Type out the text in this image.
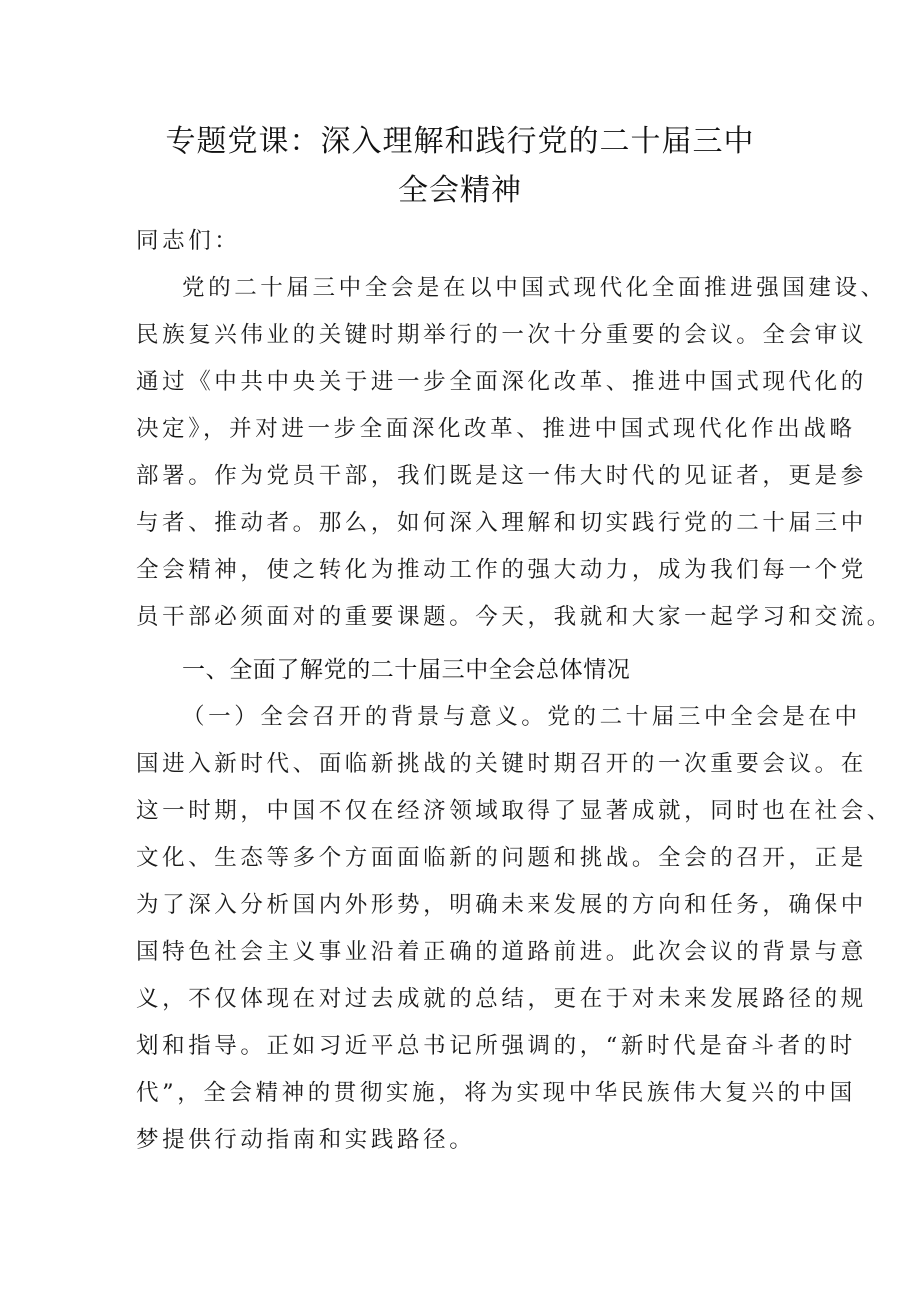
专题党课：深入理解和践行党的二十届三中
全会精神
同志们：
党的二十届三中全会是在以中国式现代化全面推进强国建设、
民族复兴伟业的关键时期举行的一次十分重要的会议。全会审议
通过《中共中央关于进一步全面深化改革、推进中国式现代化的
决定》，并对进一步全面深化改革、推进中国式现代化作出战略
部署。作为党员干部，我们既是这一伟大时代的见证者，更是参
与者、推动者。那么，如何深入理解和切实践行党的二十届三中
全会精神，使之转化为推动工作的强大动力，成为我们每一个党
员干部必须面对的重要课题。今天，我就和大家一起学习和交流。
一、全面了解党的二十届三中全会总体情况
（一）全会召开的背景与意义。党的二十届三中全会是在中
国进入新时代、面临新挑战的关键时期召开的一次重要会议。在
这一时期，中国不仅在经济领域取得了显著成就，同时也在社会、
文化、生态等多个方面面临新的问题和挑战。全会的召开，正是
为了深入分析国内外形势，明确未来发展的方向和任务，确保中
国特色社会主义事业沿着正确的道路前进。此次会议的背景与意
义，不仅体现在对过去成就的总结，更在于对未来发展路径的规
划和指导。正如习近平总书记所强调的，“新时代是奋斗者的时
代”，全会精神的贯彻实施，将为实现中华民族伟大复兴的中国
梦提供行动指南和实践路径。
